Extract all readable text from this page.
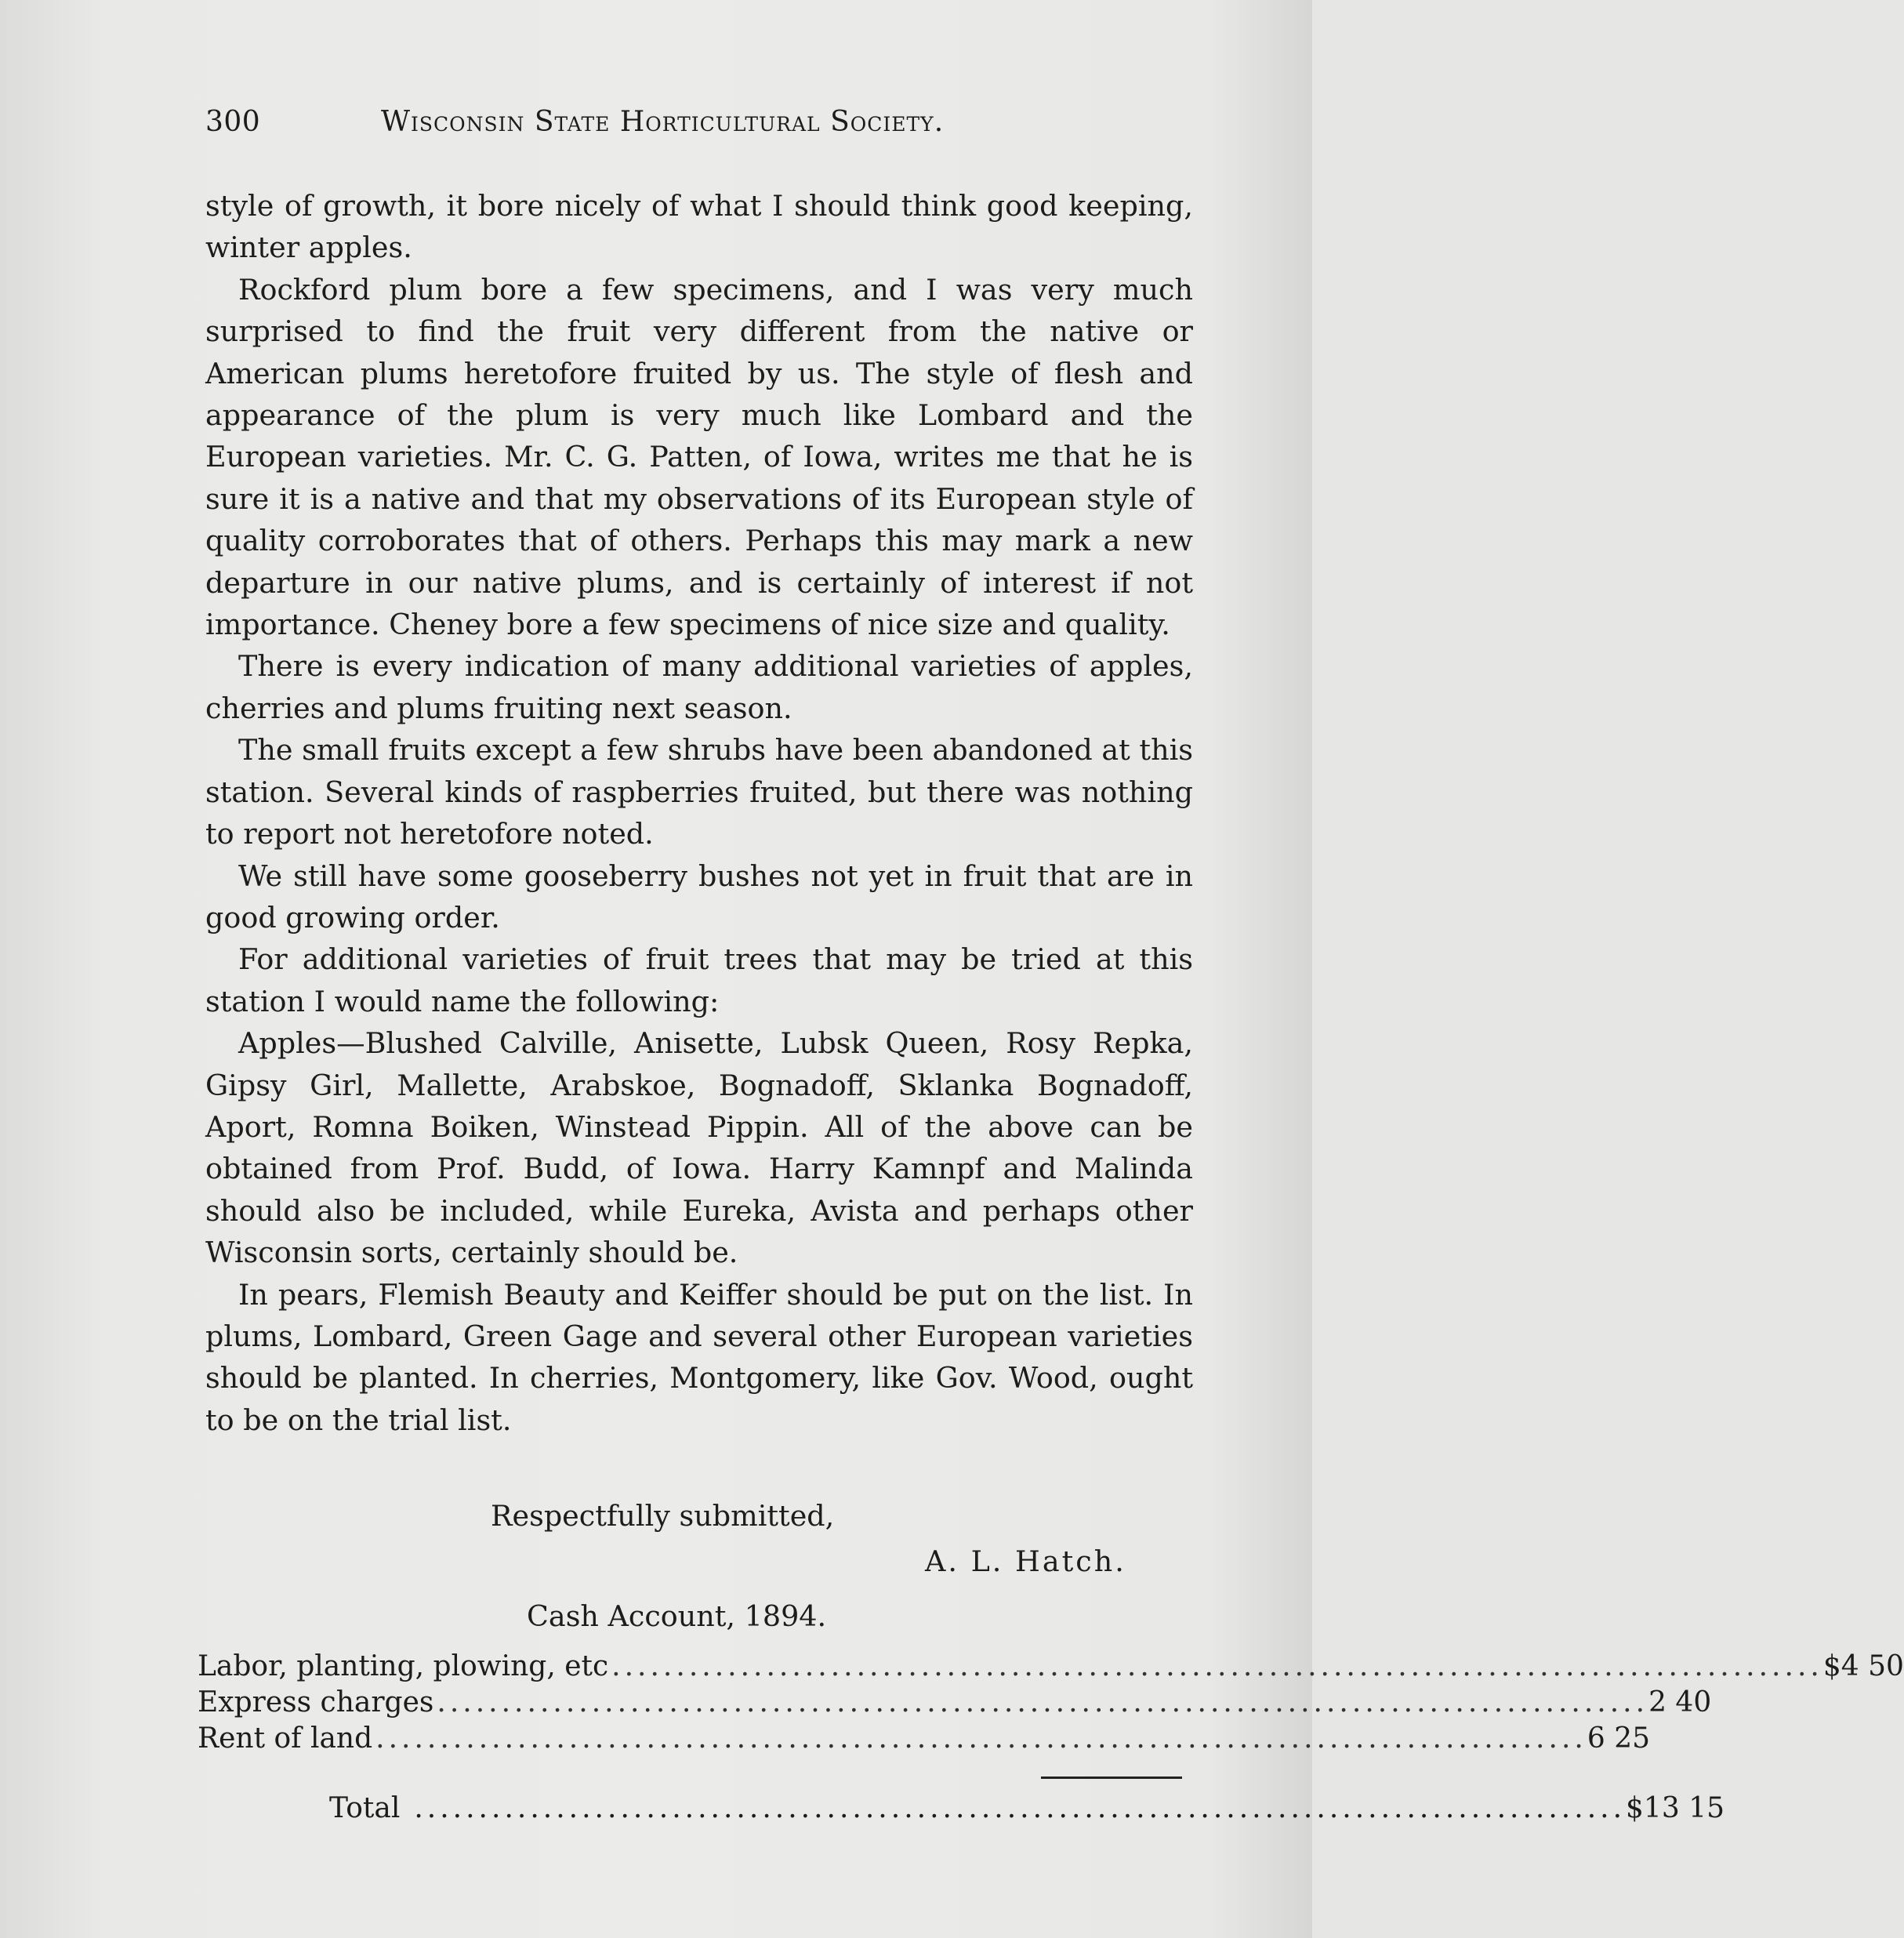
300	Wisconsin State Horticultural Society.

style of growth, it bore nicely of what I should think good keeping, winter apples.

Rockford plum bore a few specimens, and I was very much surprised to find the fruit very different from the native or American plums heretofore fruited by us. The style of flesh and appearance of the plum is very much like Lombard and the European varieties. Mr. C. G. Patten, of Iowa, writes me that he is sure it is a native and that my observations of its European style of quality corroborates that of others. Perhaps this may mark a new departure in our native plums, and is certainly of interest if not importance. Cheney bore a few specimens of nice size and quality.

There is every indication of many additional varieties of apples, cherries and plums fruiting next season.

The small fruits except a few shrubs have been abandoned at this station. Several kinds of raspberries fruited, but there was nothing to report not heretofore noted.

We still have some gooseberry bushes not yet in fruit that are in good growing order.

For additional varieties of fruit trees that may be tried at this station I would name the following:

Apples—Blushed Calville, Anisette, Lubsk Queen, Rosy Repka, Gipsy Girl, Mallette, Arabskoe, Bognadoff, Sklanka Bognadoff, Aport, Romna Boiken, Winstead Pippin. All of the above can be obtained from Prof. Budd, of Iowa. Harry Kamnpf and Malinda should also be included, while Eureka, Avista and perhaps other Wisconsin sorts, certainly should be.

In pears, Flemish Beauty and Keiffer should be put on the list. In plums, Lombard, Green Gage and several other European varieties should be planted. In cherries, Montgomery, like Gov. Wood, ought to be on the trial list.

Respectfully submitted,
A. L. Hatch.
Cash Account, 1894.
Labor, planting, plowing, etc .............................................................................................. $4 50
Express charges .............................................................................................. 2 40
Rent of land .............................................................................................. 6 25
Total .............................................................................................. $13 15
